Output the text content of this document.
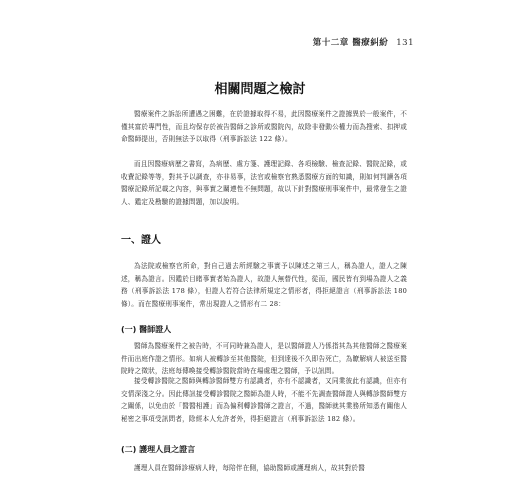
第十二章 醫療糾紛 131
相關問題之檢討

醫療案件之訴訟所遭遇之困難，在於證據取得不易，此因醫療案件之證據異於一般案件，不僅其富於專門性，而且均保存於被告醫師之診所或醫院內，故除非發動公權力而為搜索、扣押或命醫師提出，否則無法予以取得（刑事訴訟法 122 條）。

而且因醫療病歷之書寫，為病歷、處方箋、護理記錄、各項檢驗、檢查記錄、醫院記錄，或收費記錄等等，對其予以調查，亦非易事，法官或檢察官熟悉醫療方面的知識，則如何判讀各項醫療記錄所記載之內容，與事實之關連性不無問題，故以下針對醫療刑事案件中，最常發生之證人、鑑定及勘驗的證據問題，加以說明。

一、證人

為法院或檢察官所命，對自己過去所經驗之事實予以陳述之第三人，稱為證人，證人之陳述，稱為證言。因鑑於目睹事實者始為證人，故證人無替代性，從而，國民皆有到場為證人之義務（刑事訴訟法 178 條），但證人若符合法律所規定之情形者，得拒絕證言（刑事訴訟法 180 條）。而在醫療刑事案件，常出現證人之情形有二 28：

(一) 醫師證人

醫師為醫療案件之被告時，不可同時兼為證人，是以醫師證人乃係指其為其他醫師之醫療案件而出庭作證之情形。如病人被轉診至其他醫院，但到達後不久即告死亡，為瞭解病人被送至醫院時之徵狀，法庭每傳喚接受轉診醫院當時在場處理之醫師，予以訊問。

接受轉診醫院之醫師與轉診醫師雙方有認識者，亦有不認識者，又同業彼此有認識，但亦有交情深淺之分。因此傳訊接受轉診醫院之醫師為證人時，不能不先調查醫師證人與轉診醫師雙方之關係，以免由於「醫醫相護」而為偏利轉診醫師之證言，不過，醫師就其業務所知悉有關他人秘密之事項受訊問者，除經本人允許者外，得拒絕證言（刑事訴訟法 182 條）。

(二) 護理人員之證言

護理人員在醫師診療病人時，每陪伴在側，協助醫師或護理病人，故其對於醫
